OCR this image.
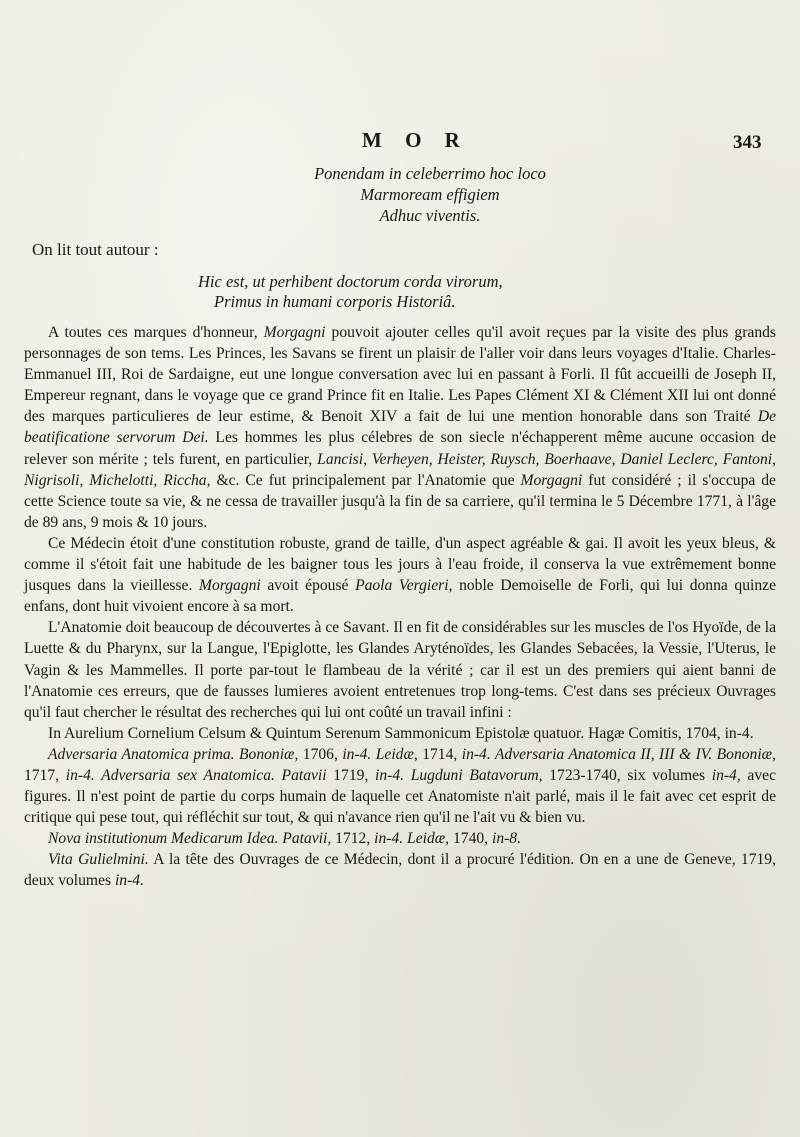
M O R	343
Ponendam in celeberrimo hoc loco
Marmoream effigiem
Adhuc viventis.

On lit tout autour :

Hic est, ut perhibent doctorum corda virorum,
Primus in humani corporis Historiâ.

A toutes ces marques d'honneur, Morgagni pouvoit ajouter celles qu'il avoit reçues par la visite des plus grands personnages de son tems. Les Princes, les Savans se firent un plaisir de l'aller voir dans leurs voyages d'Italie. Charles-Emmanuel III, Roi de Sardaigne, eut une longue conversation avec lui en passant à Forli. Il fût accueilli de Joseph II, Empereur regnant, dans le voyage que ce grand Prince fit en Italie. Les Papes Clément XI & Clément XII lui ont donné des marques particulieres de leur estime, & Benoit XIV a fait de lui une mention honorable dans son Traité De beatificatione servorum Dei. Les hommes les plus célebres de son siecle n'échapperent même aucune occasion de relever son mérite ; tels furent, en particulier, Lancisi, Verheyen, Heister, Ruysch, Boerhaave, Daniel Leclerc, Fantoni, Nigrisoli, Michelotti, Riccha, &c. Ce fut principalement par l'Anatomie que Morgagni fut considéré ; il s'occupa de cette Science toute sa vie, & ne cessa de travailler jusqu'à la fin de sa carriere, qu'il termina le 5 Décembre 1771, à l'âge de 89 ans, 9 mois & 10 jours.

Ce Médecin étoit d'une constitution robuste, grand de taille, d'un aspect agréable & gai. Il avoit les yeux bleus, & comme il s'étoit fait une habitude de les baigner tous les jours à l'eau froide, il conserva la vue extrêmement bonne jusques dans la vieillesse. Morgagni avoit épousé Paola Vergieri, noble Demoiselle de Forli, qui lui donna quinze enfans, dont huit vivoient encore à sa mort.

L'Anatomie doit beaucoup de découvertes à ce Savant. Il en fit de considérables sur les muscles de l'os Hyoïde, de la Luette & du Pharynx, sur la Langue, l'Epiglotte, les Glandes Aryténoïdes, les Glandes Sebacées, la Vessie, l'Uterus, le Vagin & les Mammelles. Il porte par-tout le flambeau de la vérité ; car il est un des premiers qui aient banni de l'Anatomie ces erreurs, que de fausses lumieres avoient entretenues trop long-tems. C'est dans ses précieux Ouvrages qu'il faut chercher le résultat des recherches qui lui ont coûté un travail infini :

In Aurelium Cornelium Celsum & Quintum Serenum Sammonicum Epistolæ quatuor. Hagæ Comitis, 1704, in-4.

Adversaria Anatomica prima. Bononiæ, 1706, in-4. Leidæ, 1714, in-4. Adversaria Anatomica II, III & IV. Bononiæ, 1717, in-4. Adversaria sex Anatomica. Patavii 1719, in-4. Lugduni Batavorum, 1723-1740, six volumes in-4, avec figures. Il n'est point de partie du corps humain de laquelle cet Anatomiste n'ait parlé, mais il le fait avec cet esprit de critique qui pese tout, qui réfléchit sur tout, & qui n'avance rien qu'il ne l'ait vu & bien vu.

Nova institutionum Medicarum Idea. Patavii, 1712, in-4. Leidæ, 1740, in-8.

Vita Gulielmini. A la tête des Ouvrages de ce Médecin, dont il a procuré l'édition. On en a une de Geneve, 1719, deux volumes in-4.
